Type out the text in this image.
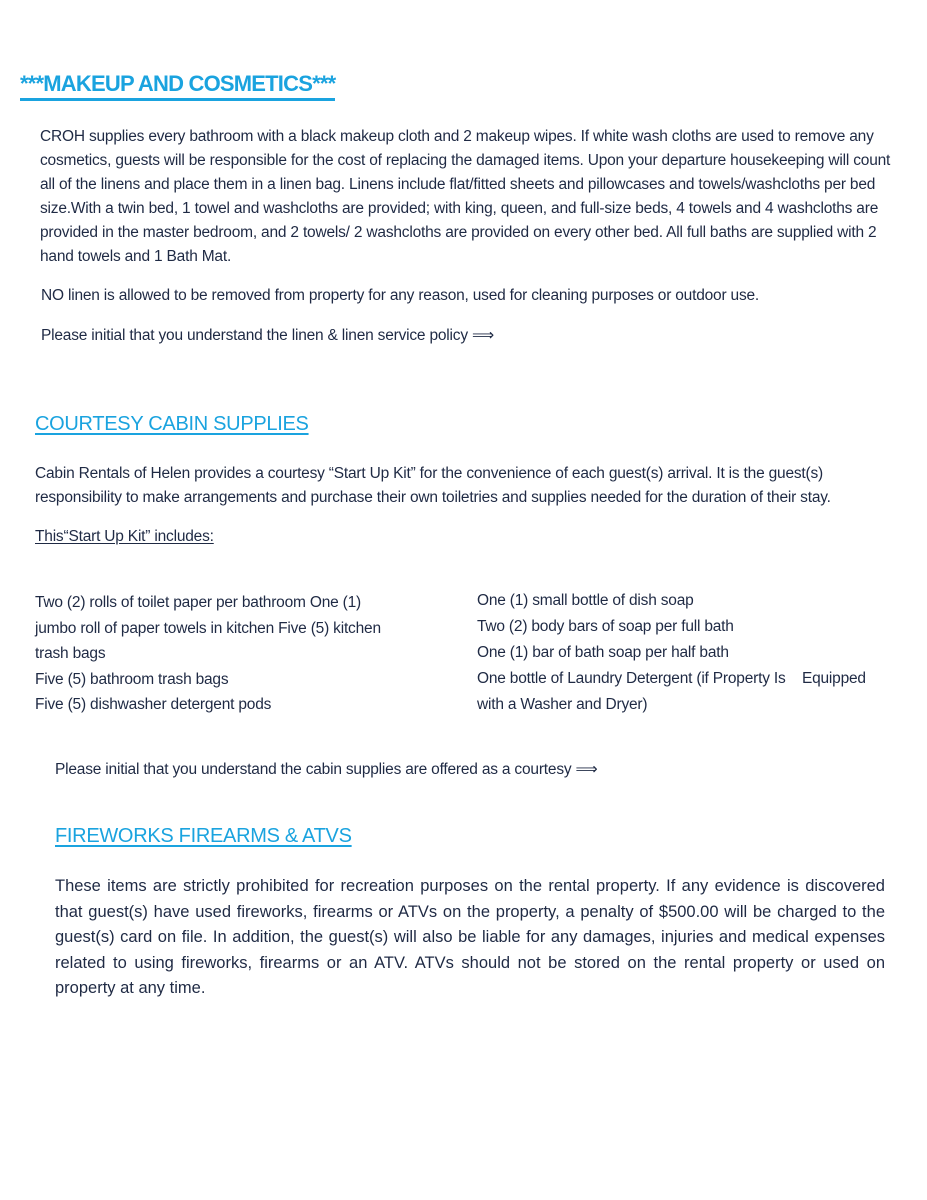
***MAKEUP AND COSMETICS***

CROH supplies every bathroom with a black makeup cloth and 2 makeup wipes. If white wash cloths are used to remove any cosmetics, guests will be responsible for the cost of replacing the damaged items. Upon your departure housekeeping will count all of the linens and place them in a linen bag. Linens include flat/fitted sheets and pillowcases and towels/washcloths per bed size.With a twin bed, 1 towel and washcloths are provided; with king, queen, and full-size beds, 4 towels and 4 washcloths are provided in the master bedroom, and 2 towels/ 2 washcloths are provided on every other bed. All full baths are supplied with 2 hand towels and 1 Bath Mat.

NO linen is allowed to be removed from property for any reason, used for cleaning purposes or outdoor use.

Please initial that you understand the linen & linen service policy ⟹

COURTESY CABIN SUPPLIES

Cabin Rentals of Helen provides a courtesy “Start Up Kit” for the convenience of each guest(s) arrival. It is the guest(s) responsibility to make arrangements and purchase their own toiletries and supplies needed for the duration of their stay.

This“Start Up Kit” includes:

Two (2) rolls of toilet paper per bathroom One (1) jumbo roll of paper towels in kitchen Five (5) kitchen trash bags
Five (5) bathroom trash bags
Five (5) dishwasher detergent pods
One (1) small bottle of dish soap
Two (2) body bars of soap per full bath
One (1) bar of bath soap per half bath
One bottle of Laundry Detergent (if Property Is    Equipped with a Washer and Dryer)

Please initial that you understand the cabin supplies are offered as a courtesy ⟹

FIREWORKS FIREARMS & ATVS

These items are strictly prohibited for recreation purposes on the rental property. If any evidence is discovered that guest(s) have used fireworks, firearms or ATVs on the property, a penalty of $500.00 will be charged to the guest(s) card on file. In addition, the guest(s) will also be liable for any damages, injuries and medical expenses related to using fireworks, firearms or an ATV. ATVs should not be stored on the rental property or used on property at any time.
